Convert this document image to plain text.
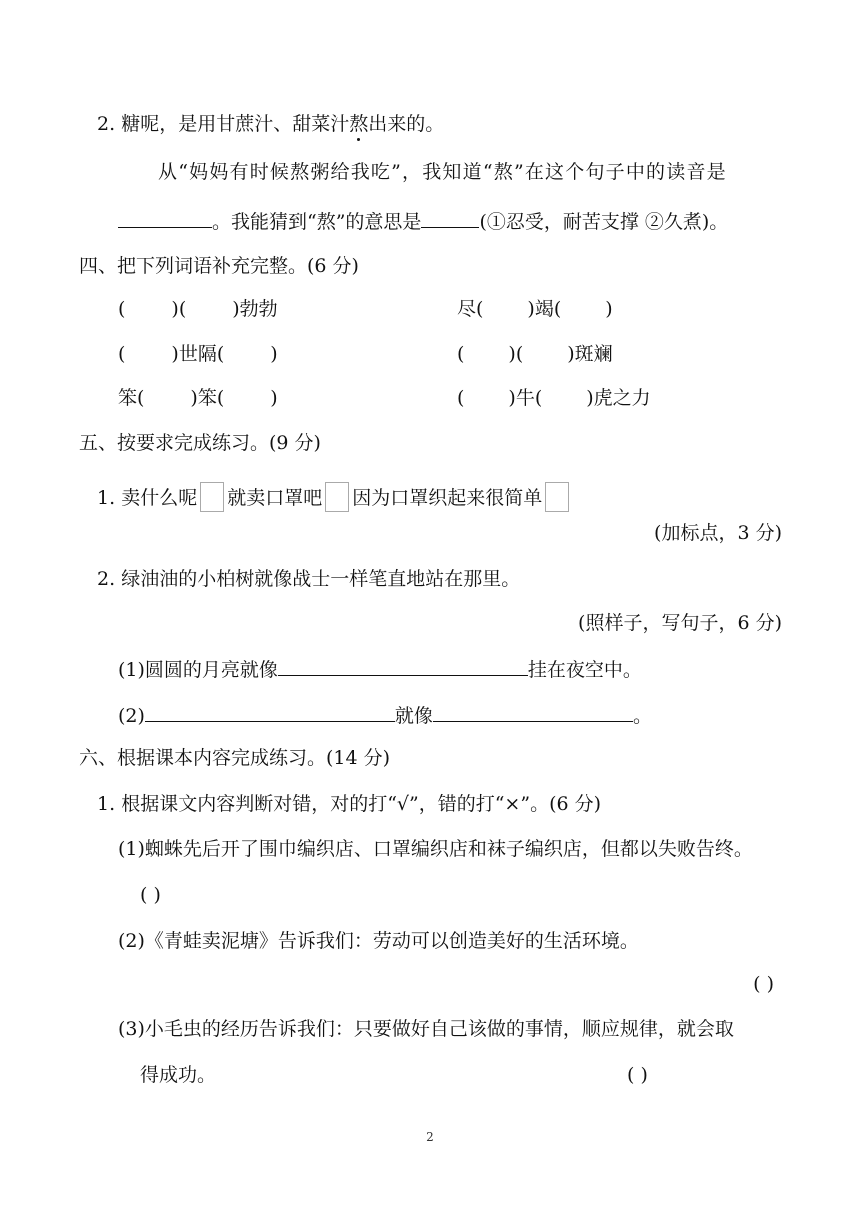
2. 糖呢，是用甘蔗汁、甜菜汁熬出来的。
从“妈妈有时候熬粥给我吃”，我知道“熬”在这个句子中的读音是
。我能猜到“熬”的意思是	(①忍受，耐苦支撑 ②久煮)。
四、把下列词语补充完整。(6 分)
( )( )勃勃	尽( )竭( )
( )世隔( )	( )( )斑斓
笨( )笨( )	( )牛( )虎之力
五、按要求完成练习。(9 分)
1. 卖什么呢 就卖口罩吧 因为口罩织起来很简单
(加标点，3 分)
2. 绿油油的小柏树就像战士一样笔直地站在那里。
(照样子，写句子，6 分)
(1)圆圆的月亮就像	挂在夜空中。
(2)	就像	。
六、根据课本内容完成练习。(14 分)
1. 根据课文内容判断对错，对的打“√”，错的打“×”。(6 分)
(1)蜘蛛先后开了围巾编织店、口罩编织店和袜子编织店，但都以失败告终。
( )
(2)《青蛙卖泥塘》告诉我们：劳动可以创造美好的生活环境。
( )
(3)小毛虫的经历告诉我们：只要做好自己该做的事情，顺应规律，就会取
得成功。	( )
2
